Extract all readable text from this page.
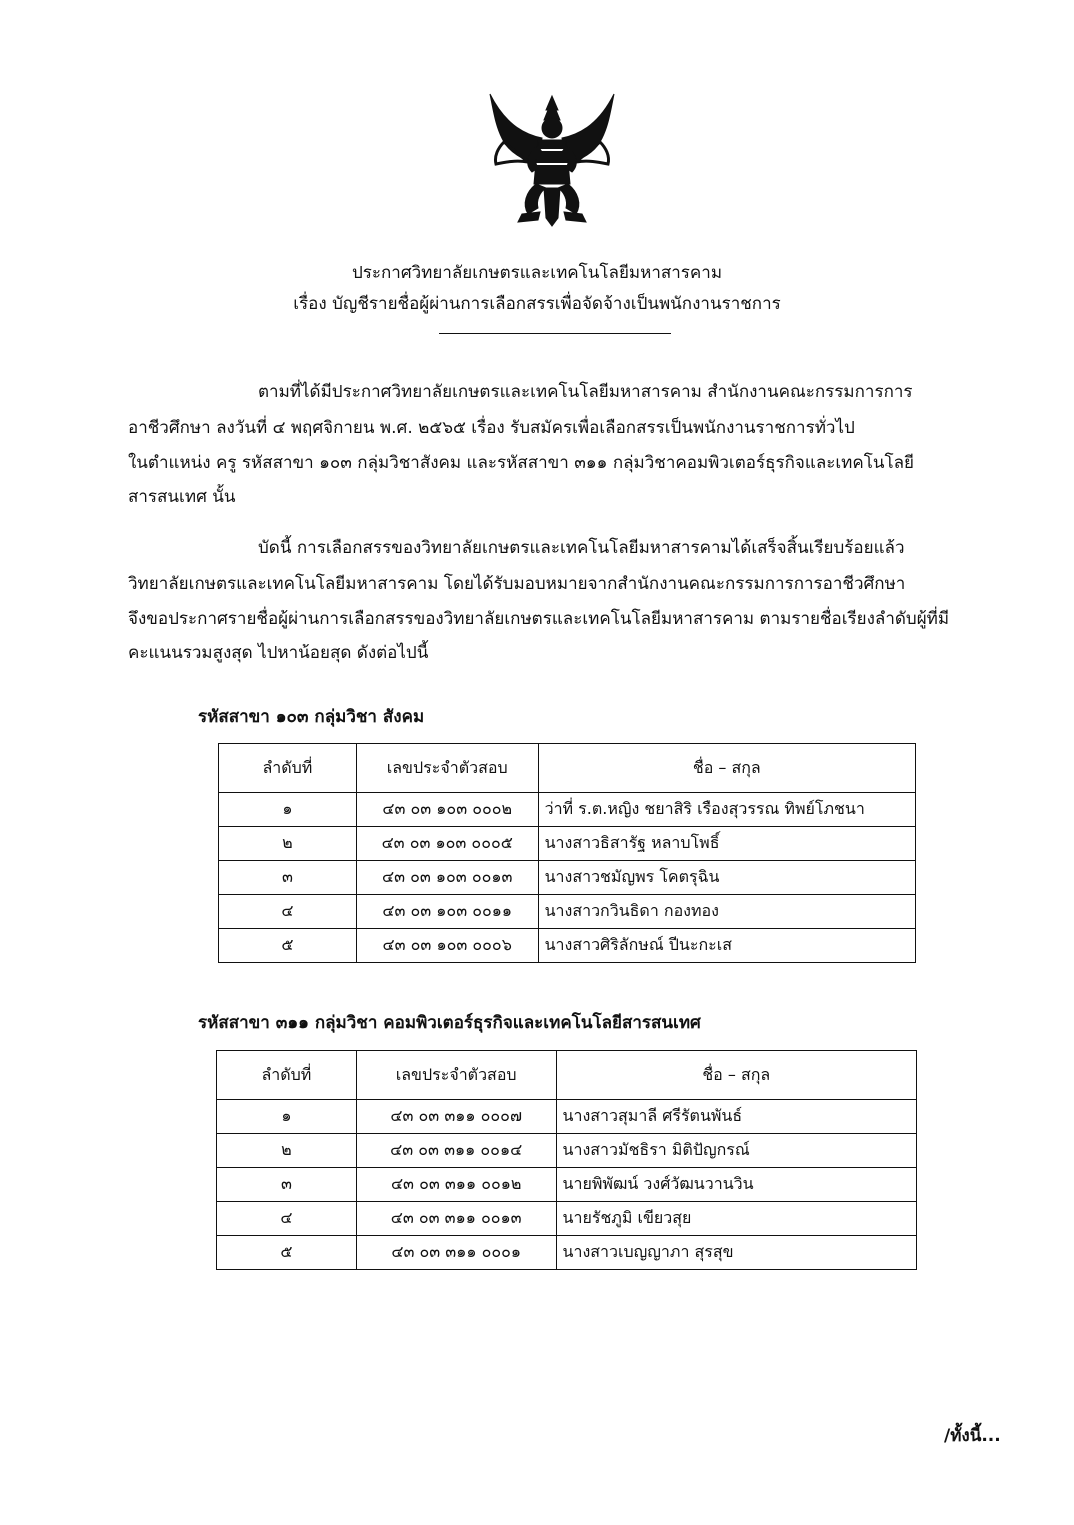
ประกาศวิทยาลัยเกษตรและเทคโนโลยีมหาสารคาม
เรื่อง บัญชีรายชื่อผู้ผ่านการเลือกสรรเพื่อจัดจ้างเป็นพนักงานราชการ
ตามที่ได้มีประกาศวิทยาลัยเกษตรและเทคโนโลยีมหาสารคาม สำนักงานคณะกรรมการการ
อาชีวศึกษา ลงวันที่ ๔ พฤศจิกายน พ.ศ. ๒๕๖๕ เรื่อง รับสมัครเพื่อเลือกสรรเป็นพนักงานราชการทั่วไป
ในตำแหน่ง ครู รหัสสาขา ๑๐๓ กลุ่มวิชาสังคม และรหัสสาขา ๓๑๑ กลุ่มวิชาคอมพิวเตอร์ธุรกิจและเทคโนโลยี
สารสนเทศ นั้น
บัดนี้ การเลือกสรรของวิทยาลัยเกษตรและเทคโนโลยีมหาสารคามได้เสร็จสิ้นเรียบร้อยแล้ว
วิทยาลัยเกษตรและเทคโนโลยีมหาสารคาม โดยได้รับมอบหมายจากสำนักงานคณะกรรมการการอาชีวศึกษา
จึงขอประกาศรายชื่อผู้ผ่านการเลือกสรรของวิทยาลัยเกษตรและเทคโนโลยีมหาสารคาม ตามรายชื่อเรียงลำดับผู้ที่มี
คะแนนรวมสูงสุด ไปหาน้อยสุด ดังต่อไปนี้
รหัสสาขา ๑๐๓ กลุ่มวิชา สังคม
ลำดับที่	เลขประจำตัวสอบ	ชื่อ – สกุล
๑	๔๓ ๐๓ ๑๐๓ ๐๐๐๒	ว่าที่ ร.ต.หญิง ชยาสิริ เรืองสุวรรณ ทิพย์โภชนา
๒	๔๓ ๐๓ ๑๐๓ ๐๐๐๕	นางสาวธิสารัฐ หลาบโพธิ์
๓	๔๓ ๐๓ ๑๐๓ ๐๐๑๓	นางสาวชมัญพร โคตรุฉิน
๔	๔๓ ๐๓ ๑๐๓ ๐๐๑๑	นางสาวกวินธิดา กองทอง
๕	๔๓ ๐๓ ๑๐๓ ๐๐๐๖	นางสาวศิริลักษณ์ ปีนะกะเส
รหัสสาขา ๓๑๑ กลุ่มวิชา คอมพิวเตอร์ธุรกิจและเทคโนโลยีสารสนเทศ
ลำดับที่	เลขประจำตัวสอบ	ชื่อ – สกุล
๑	๔๓ ๐๓ ๓๑๑ ๐๐๐๗	นางสาวสุมาลี ศรีรัตนพันธ์
๒	๔๓ ๐๓ ๓๑๑ ๐๐๑๔	นางสาวมัชธิรา มิติปัญกรณ์
๓	๔๓ ๐๓ ๓๑๑ ๐๐๑๒	นายพิพัฒน์ วงศ์วัฒนวานวิน
๔	๔๓ ๐๓ ๓๑๑ ๐๐๑๓	นายรัชภูมิ เขียวสุย
๕	๔๓ ๐๓ ๓๑๑ ๐๐๐๑	นางสาวเบญญาภา สุรสุข
/ทั้งนี้...
